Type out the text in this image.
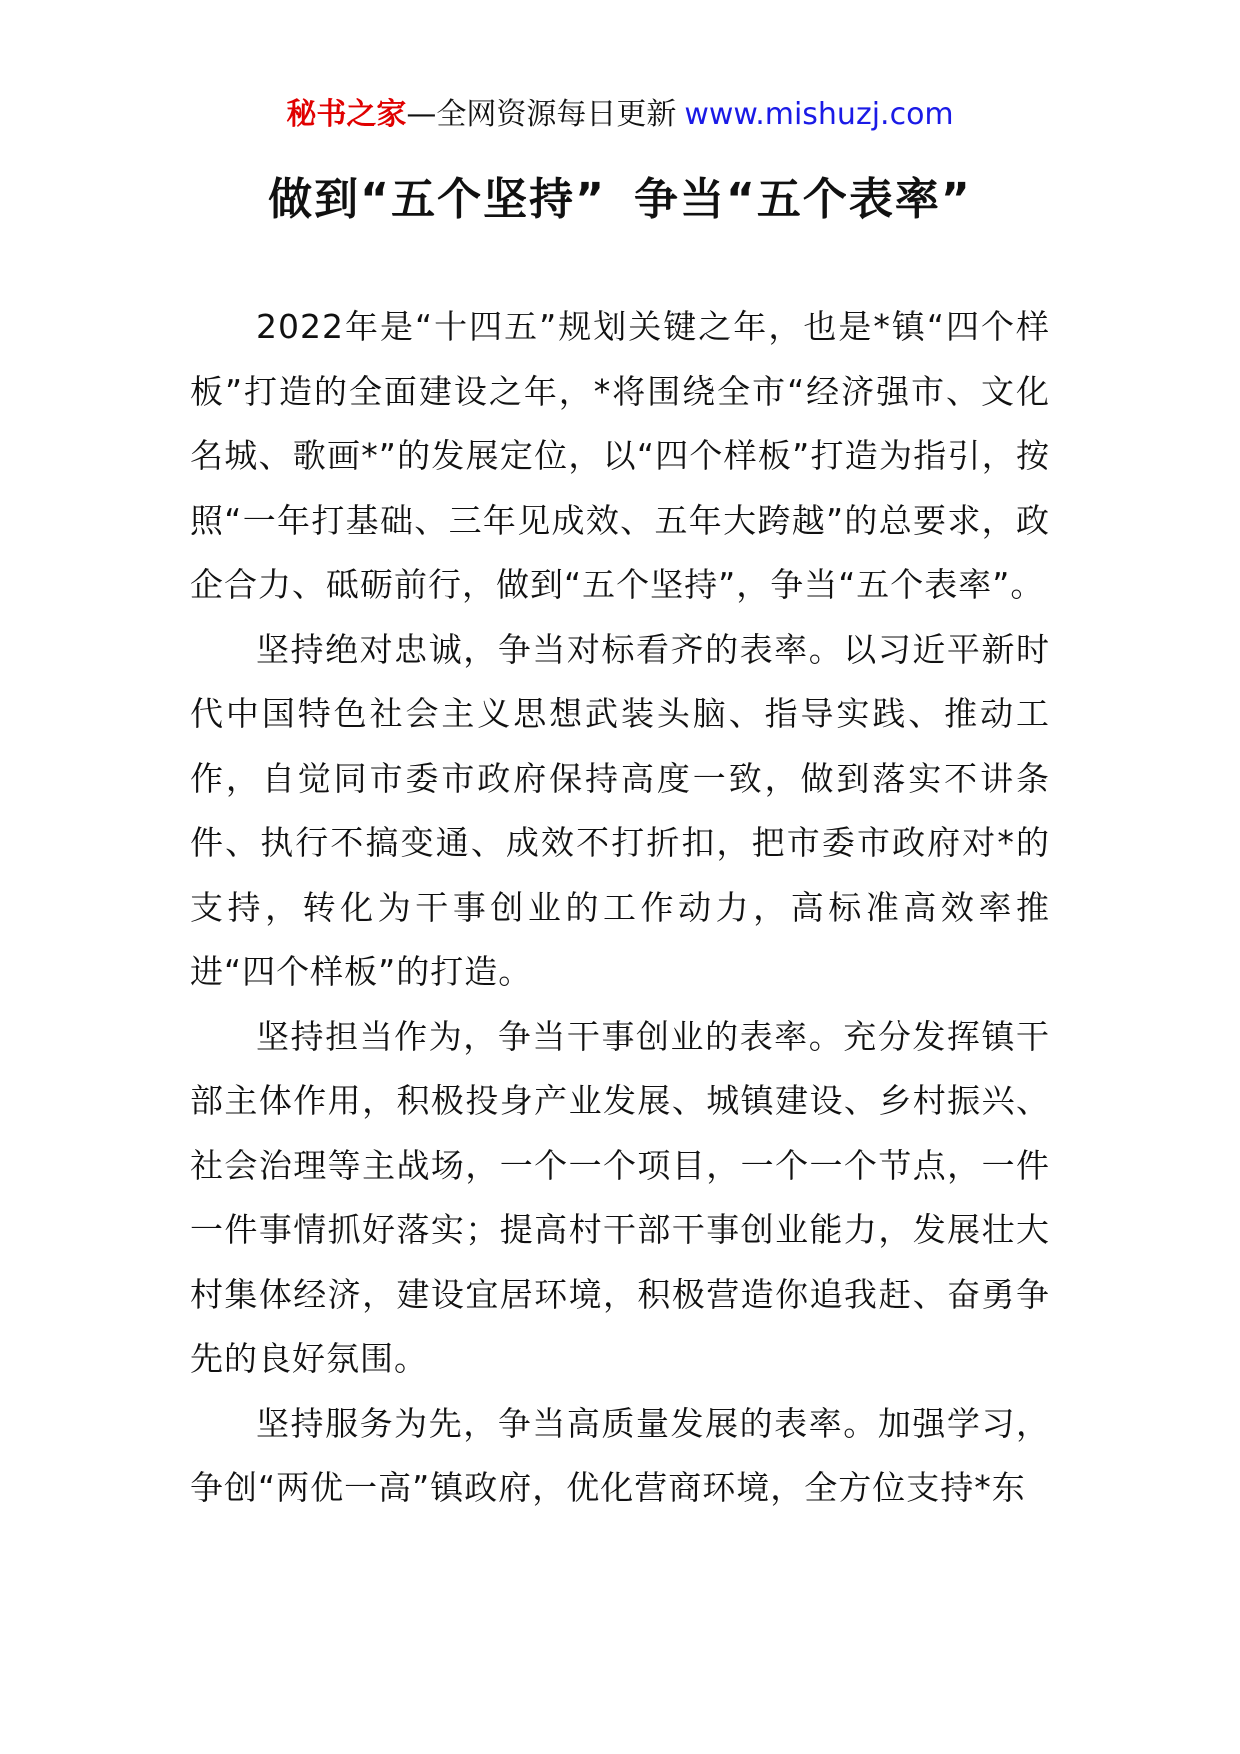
秘书之家—全网资源每日更新 www.mishuzj.com
做到“五个坚持” 争当“五个表率”

2022年是“十四五”规划关键之年，也是*镇“四个样板”打造的全面建设之年，*将围绕全市“经济强市、文化名城、歌画*”的发展定位，以“四个样板”打造为指引，按照“一年打基础、三年见成效、五年大跨越”的总要求，政企合力、砥砺前行，做到“五个坚持”，争当“五个表率”。

坚持绝对忠诚，争当对标看齐的表率。以习近平新时代中国特色社会主义思想武装头脑、指导实践、推动工作，自觉同市委市政府保持高度一致，做到落实不讲条件、执行不搞变通、成效不打折扣，把市委市政府对*的支持，转化为干事创业的工作动力，高标准高效率推进“四个样板”的打造。

坚持担当作为，争当干事创业的表率。充分发挥镇干部主体作用，积极投身产业发展、城镇建设、乡村振兴、社会治理等主战场，一个一个项目，一个一个节点，一件一件事情抓好落实；提高村干部干事创业能力，发展壮大村集体经济，建设宜居环境，积极营造你追我赶、奋勇争先的良好氛围。

坚持服务为先，争当高质量发展的表率。加强学习，争创“两优一高”镇政府，优化营商环境，全方位支持*东
